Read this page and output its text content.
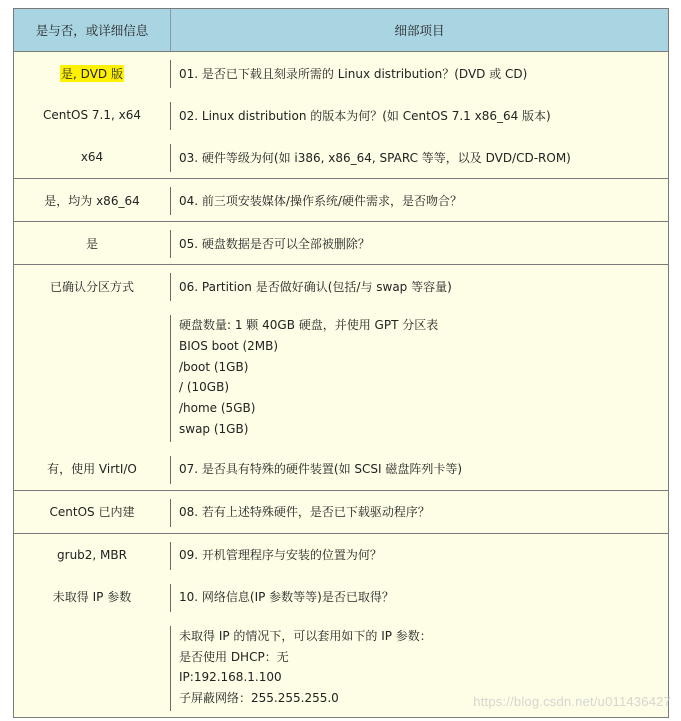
是与否，或详细信息	细部项目
是, DVD 版	01. 是否已下载且刻录所需的 Linux distribution？(DVD 或 CD)
CentOS 7.1, x64	02. Linux distribution 的版本为何？(如 CentOS 7.1 x86_64 版本)
x64	03. 硬件等级为何(如 i386, x86_64, SPARC 等等，以及 DVD/CD-ROM)
是，均为 x86_64	04. 前三项安装媒体/操作系统/硬件需求，是否吻合？
是	05. 硬盘数据是否可以全部被删除？
已确认分区方式	06. Partition 是否做好确认(包括/与 swap 等容量)
硬盘数量: 1 颗 40GB 硬盘，并使用 GPT 分区表
BIOS boot (2MB)
/boot (1GB)
/ (10GB)
/home (5GB)
swap (1GB)
有，使用 VirtI/O	07. 是否具有特殊的硬件装置(如 SCSI 磁盘阵列卡等)
CentOS 已内建	08. 若有上述特殊硬件，是否已下载驱动程序？
grub2, MBR	09. 开机管理程序与安装的位置为何？
未取得 IP 参数	10. 网络信息(IP 参数等等)是否已取得？
未取得 IP 的情况下，可以套用如下的 IP 参数：
是否使用 DHCP：无
IP:192.168.1.100
子屏蔽网络：255.255.255.0	https://blog.csdn.net/u011436427
